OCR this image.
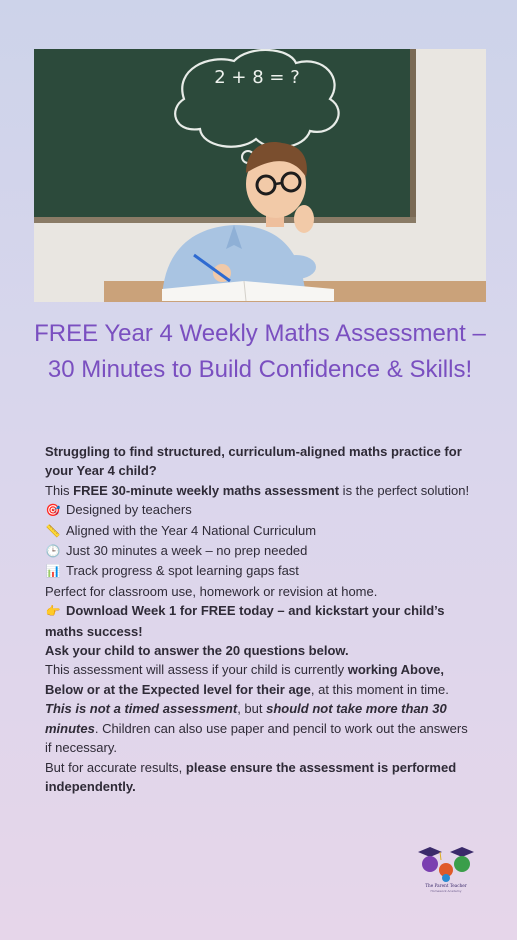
2 + 8 = ?
FREE Year 4 Weekly Maths Assessment – 30 Minutes to Build Confidence & Skills!

Struggling to find structured, curriculum-aligned maths practice for your Year 4 child?

This FREE 30-minute weekly maths assessment is the perfect solution!

🎯 Designed by teachers

📏 Aligned with the Year 4 National Curriculum

🕒 Just 30 minutes a week – no prep needed

📊 Track progress & spot learning gaps fast

Perfect for classroom use, homework or revision at home.

👉 Download Week 1 for FREE today – and kickstart your child’s maths success!

Ask your child to answer the 20 questions below.

This assessment will assess if your child is currently working Above, Below or at the Expected level for their age, at this moment in time.

This is not a timed assessment, but should not take more than 30 minutes. Children can also use paper and pencil to work out the answers if necessary.

But for accurate results, please ensure the assessment is performed independently.

The Parent Teacher
Homework Academy
